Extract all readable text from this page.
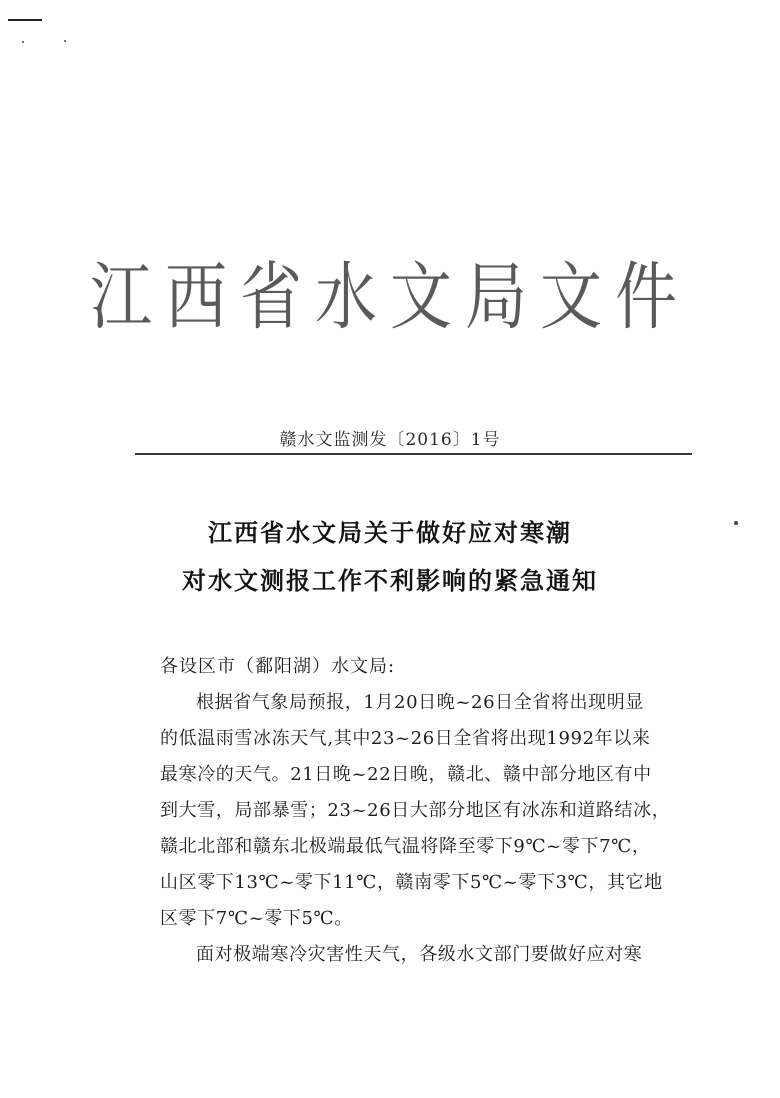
江西省水文局文件
赣水文监测发〔2016〕1号
江西省水文局关于做好应对寒潮
对水文测报工作不利影响的紧急通知
各设区市（鄱阳湖）水文局:
根据省气象局预报，1月20日晚~26日全省将出现明显
的低温雨雪冰冻天气,其中23~26日全省将出现1992年以来
最寒冷的天气。21日晚~22日晚，赣北、赣中部分地区有中
到大雪，局部暴雪；23~26日大部分地区有冰冻和道路结冰，
赣北北部和赣东北极端最低气温将降至零下9℃~零下7℃，
山区零下13℃~零下11℃，赣南零下5℃~零下3℃，其它地
区零下7℃~零下5℃。
面对极端寒冷灾害性天气，各级水文部门要做好应对寒
